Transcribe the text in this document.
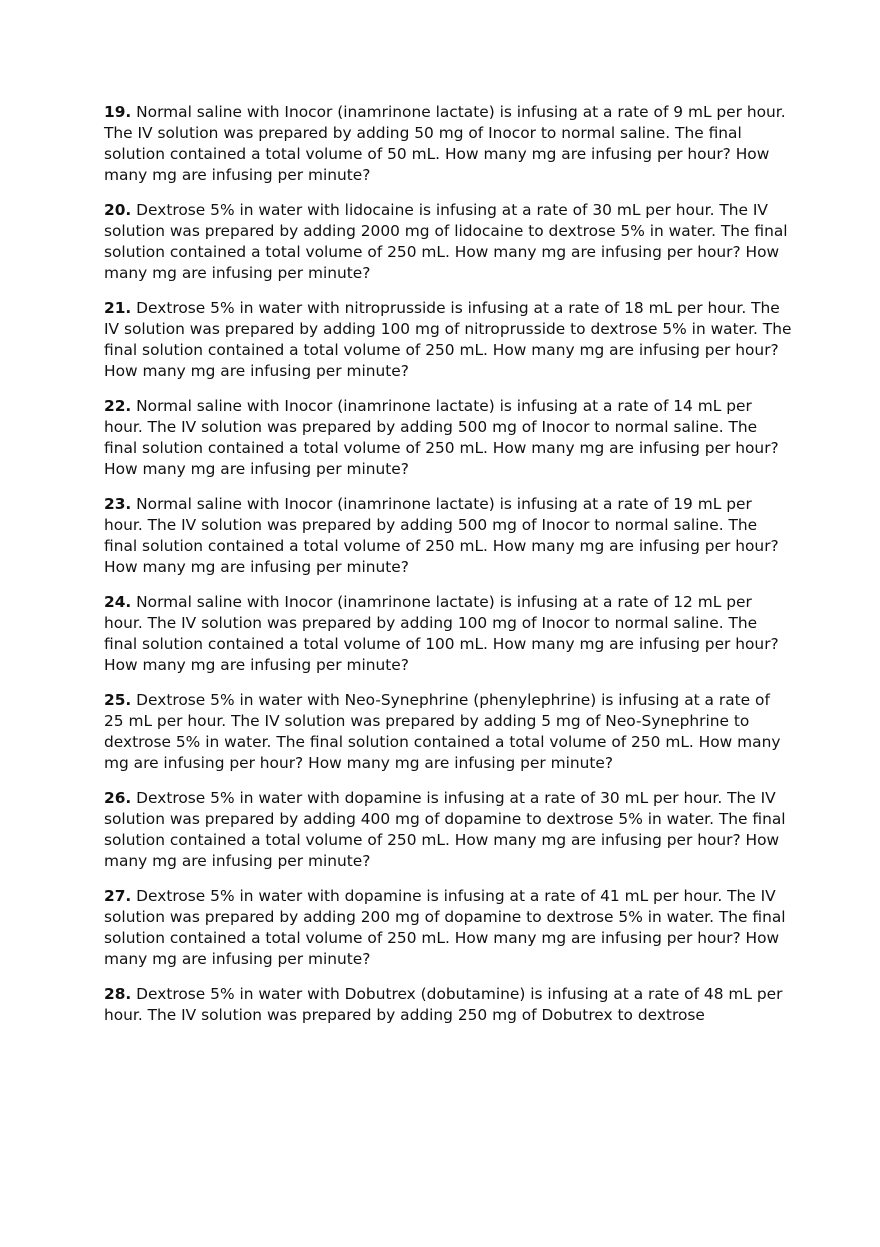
19. Normal saline with Inocor (inamrinone lactate) is infusing at a rate of 9 mL per hour. The IV solution was prepared by adding 50 mg of Inocor to normal saline. The final solution contained a total volume of 50 mL. How many mg are infusing per hour? How many mg are infusing per minute?

20. Dextrose 5% in water with lidocaine is infusing at a rate of 30 mL per hour. The IV solution was prepared by adding 2000 mg of lidocaine to dextrose 5% in water. The final solution contained a total volume of 250 mL. How many mg are infusing per hour? How many mg are infusing per minute?

21. Dextrose 5% in water with nitroprusside is infusing at a rate of 18 mL per hour. The IV solution was prepared by adding 100 mg of nitroprusside to dextrose 5% in water. The final solution contained a total volume of 250 mL. How many mg are infusing per hour? How many mg are infusing per minute?

22. Normal saline with Inocor (inamrinone lactate) is infusing at a rate of 14 mL per hour. The IV solution was prepared by adding 500 mg of Inocor to normal saline. The final solution contained a total volume of 250 mL. How many mg are infusing per hour? How many mg are infusing per minute?

23. Normal saline with Inocor (inamrinone lactate) is infusing at a rate of 19 mL per hour. The IV solution was prepared by adding 500 mg of Inocor to normal saline. The final solution contained a total volume of 250 mL. How many mg are infusing per hour? How many mg are infusing per minute?

24. Normal saline with Inocor (inamrinone lactate) is infusing at a rate of 12 mL per hour. The IV solution was prepared by adding 100 mg of Inocor to normal saline. The final solution contained a total volume of 100 mL. How many mg are infusing per hour? How many mg are infusing per minute?

25. Dextrose 5% in water with Neo-Synephrine (phenylephrine) is infusing at a rate of 25 mL per hour. The IV solution was prepared by adding 5 mg of Neo-Synephrine to dextrose 5% in water. The final solution contained a total volume of 250 mL. How many mg are infusing per hour? How many mg are infusing per minute?

26. Dextrose 5% in water with dopamine is infusing at a rate of 30 mL per hour. The IV solution was prepared by adding 400 mg of dopamine to dextrose 5% in water. The final solution contained a total volume of 250 mL. How many mg are infusing per hour? How many mg are infusing per minute?

27. Dextrose 5% in water with dopamine is infusing at a rate of 41 mL per hour. The IV solution was prepared by adding 200 mg of dopamine to dextrose 5% in water. The final solution contained a total volume of 250 mL. How many mg are infusing per hour? How many mg are infusing per minute?

28. Dextrose 5% in water with Dobutrex (dobutamine) is infusing at a rate of 48 mL per hour. The IV solution was prepared by adding 250 mg of Dobutrex to dextrose
